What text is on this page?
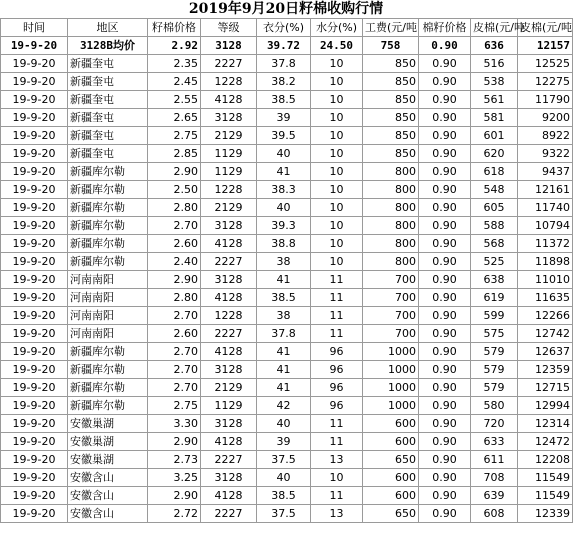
2019年9月20日籽棉收购行情
时间	地区	籽棉价格	等级	衣分(%)	水分(%)	工费(元/吨	棉籽价格	皮棉(元/吨	皮棉(元/吨
19-9-20	3128B均价	2.92	3128	39.72	24.50	758	0.90	636	12157
19-9-20	新疆奎屯	2.35	2227	37.8	10	850	0.90	516	12525
19-9-20	新疆奎屯	2.45	1228	38.2	10	850	0.90	538	12275
19-9-20	新疆奎屯	2.55	4128	38.5	10	850	0.90	561	11790
19-9-20	新疆奎屯	2.65	3128	39	10	850	0.90	581	9200
19-9-20	新疆奎屯	2.75	2129	39.5	10	850	0.90	601	8922
19-9-20	新疆奎屯	2.85	1129	40	10	850	0.90	620	9322
19-9-20	新疆库尔勒	2.90	1129	41	10	800	0.90	618	9437
19-9-20	新疆库尔勒	2.50	1228	38.3	10	800	0.90	548	12161
19-9-20	新疆库尔勒	2.80	2129	40	10	800	0.90	605	11740
19-9-20	新疆库尔勒	2.70	3128	39.3	10	800	0.90	588	10794
19-9-20	新疆库尔勒	2.60	4128	38.8	10	800	0.90	568	11372
19-9-20	新疆库尔勒	2.40	2227	38	10	800	0.90	525	11898
19-9-20	河南南阳	2.90	3128	41	11	700	0.90	638	11010
19-9-20	河南南阳	2.80	4128	38.5	11	700	0.90	619	11635
19-9-20	河南南阳	2.70	1228	38	11	700	0.90	599	12266
19-9-20	河南南阳	2.60	2227	37.8	11	700	0.90	575	12742
19-9-20	新疆库尔勒	2.70	4128	41	96	1000	0.90	579	12637
19-9-20	新疆库尔勒	2.70	3128	41	96	1000	0.90	579	12359
19-9-20	新疆库尔勒	2.70	2129	41	96	1000	0.90	579	12715
19-9-20	新疆库尔勒	2.75	1129	42	96	1000	0.90	580	12994
19-9-20	安徽巢湖	3.30	3128	40	11	600	0.90	720	12314
19-9-20	安徽巢湖	2.90	4128	39	11	600	0.90	633	12472
19-9-20	安徽巢湖	2.73	2227	37.5	13	650	0.90	611	12208
19-9-20	安徽含山	3.25	3128	40	10	600	0.90	708	11549
19-9-20	安徽含山	2.90	4128	38.5	11	600	0.90	639	11549
19-9-20	安徽含山	2.72	2227	37.5	13	650	0.90	608	12339
